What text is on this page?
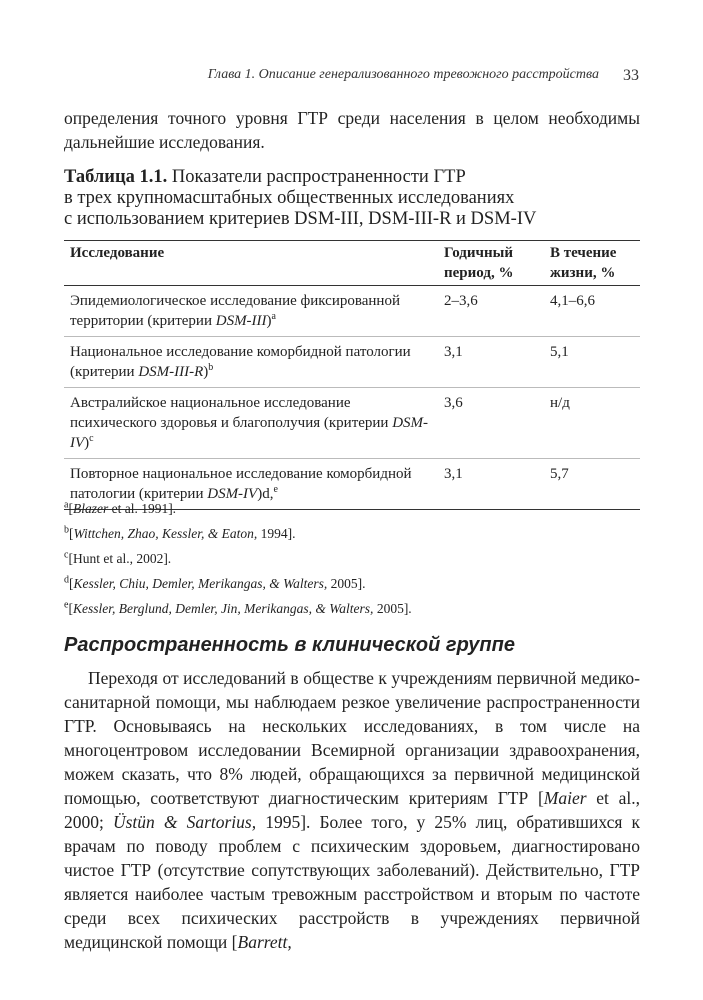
Глава 1. Описание генерализованного тревожного расстройства 33

определения точного уровня ГТР среди населения в целом необходимы дальнейшие исследования.

Таблица 1.1. Показатели распространенности ГТР
в трех крупномасштабных общественных исследованиях
с использованием критериев DSM-III, DSM-III-R и DSM-IV
Исследование	Годичный период, %	В течение жизни, %
Эпидемиологическое исследование фиксированной территории (критерии DSM-III)$^a$	2–3,6	4,1–6,6
Национальное исследование коморбидной патологии (критерии DSM-III-R)$^b$	3,1	5,1
Австралийское национальное исследование психического здоровья и благополучия (критерии DSM-IV)$^c$	3,6	н/д
Повторное национальное исследование коморбидной патологии (критерии DSM-IV)d,$^e$	3,1	5,7
$^a$[Blazer et al. 1991].
$^b$[Wittchen, Zhao, Kessler, & Eaton, 1994].
$^c$[Hunt et al., 2002].
$^d$[Kessler, Chiu, Demler, Merikangas, & Walters, 2005].
$^e$[Kessler, Berglund, Demler, Jin, Merikangas, & Walters, 2005].
Распространенность в клинической группе

Переходя от исследований в обществе к учреждениям первичной медико-санитарной помощи, мы наблюдаем резкое увеличение распространенности ГТР. Основываясь на нескольких исследованиях, в том числе на многоцентровом исследовании Всемирной организации здравоохранения, можем сказать, что 8% людей, обращающихся за первичной медицинской помощью, соответствуют диагностическим критериям ГТР [Maier et al., 2000; Üstün & Sartorius, 1995]. Более того, у 25% лиц, обратившихся к врачам по поводу проблем с психическим здоровьем, диагностировано чистое ГТР (отсутствие сопутствующих заболеваний). Действительно, ГТР является наиболее частым тревожным расстройством и вторым по частоте среди всех психических расстройств в учреждениях первичной медицинской помощи [Barrett,
